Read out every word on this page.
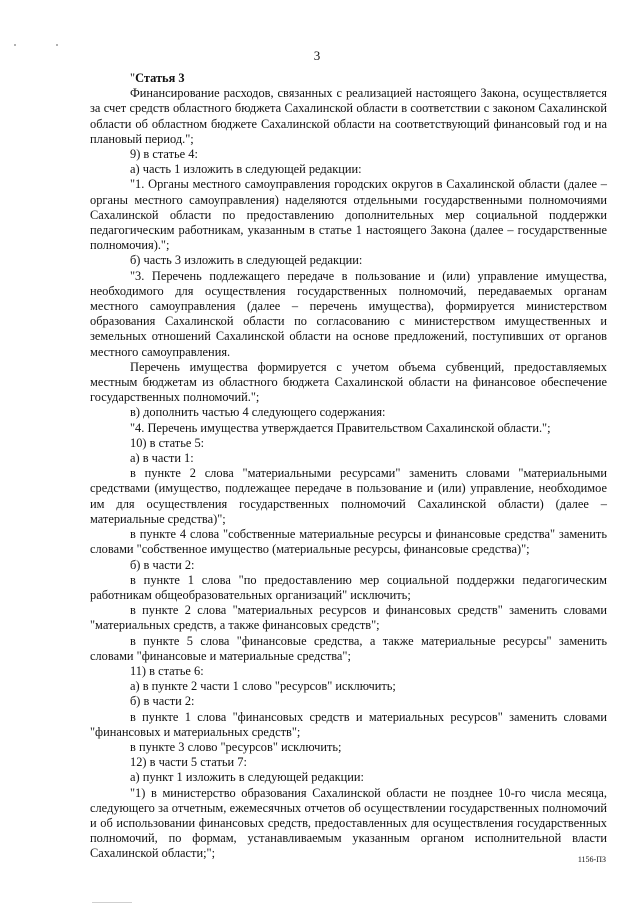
3

"Статья 3

Финансирование расходов, связанных с реализацией настоящего Закона, осуществляется за счет средств областного бюджета Сахалинской области в соответствии с законом Сахалинской области об областном бюджете Сахалинской области на соответствующий финансовый год и на плановый период.";

9) в статье 4:

а) часть 1 изложить в следующей редакции:

"1. Органы местного самоуправления городских округов в Сахалинской области (далее – органы местного самоуправления) наделяются отдельными государственными полномочиями Сахалинской области по предоставлению дополнительных мер социальной поддержки педагогическим работникам, указанным в статье 1 настоящего Закона (далее – государственные полномочия).";

б) часть 3 изложить в следующей редакции:

"3. Перечень подлежащего передаче в пользование и (или) управление имущества, необходимого для осуществления государственных полномочий, передаваемых органам местного самоуправления (далее – перечень имущества), формируется министерством образования Сахалинской области по согласованию с министерством имущественных и земельных отношений Сахалинской области на основе предложений, поступивших от органов местного самоуправления.

Перечень имущества формируется с учетом объема субвенций, предоставляемых местным бюджетам из областного бюджета Сахалинской области на финансовое обеспечение государственных полномочий.";

в) дополнить частью 4 следующего содержания:

"4. Перечень имущества утверждается Правительством Сахалинской области.";

10) в статье 5:

а) в части 1:

в пункте 2 слова "материальными ресурсами" заменить словами "материальными средствами (имущество, подлежащее передаче в пользование и (или) управление, необходимое им для осуществления государственных полномочий Сахалинской области) (далее – материальные средства)";

в пункте 4 слова "собственные материальные ресурсы и финансовые средства" заменить словами "собственное имущество (материальные ресурсы, финансовые средства)";

б) в части 2:

в пункте 1 слова "по предоставлению мер социальной поддержки педагогическим работникам общеобразовательных организаций" исключить;

в пункте 2 слова "материальных ресурсов и финансовых средств" заменить словами "материальных средств, а также финансовых средств";

в пункте 5 слова "финансовые средства, а также материальные ресурсы" заменить словами "финансовые и материальные средства";

11) в статье 6:

а) в пункте 2 части 1 слово "ресурсов" исключить;

б) в части 2:

в пункте 1 слова "финансовых средств и материальных ресурсов" заменить словами "финансовых и материальных средств";

в пункте 3 слово "ресурсов" исключить;

12) в части 5 статьи 7:

а) пункт 1 изложить в следующей редакции:

"1) в министерство образования Сахалинской области не позднее 10-го числа месяца, следующего за отчетным, ежемесячных отчетов об осуществлении государственных полномочий и об использовании финансовых средств, предоставленных для осуществления государственных полномочий, по формам, устанавливаемым указанным органом исполнительной власти Сахалинской области;";	1156-ПЗ
